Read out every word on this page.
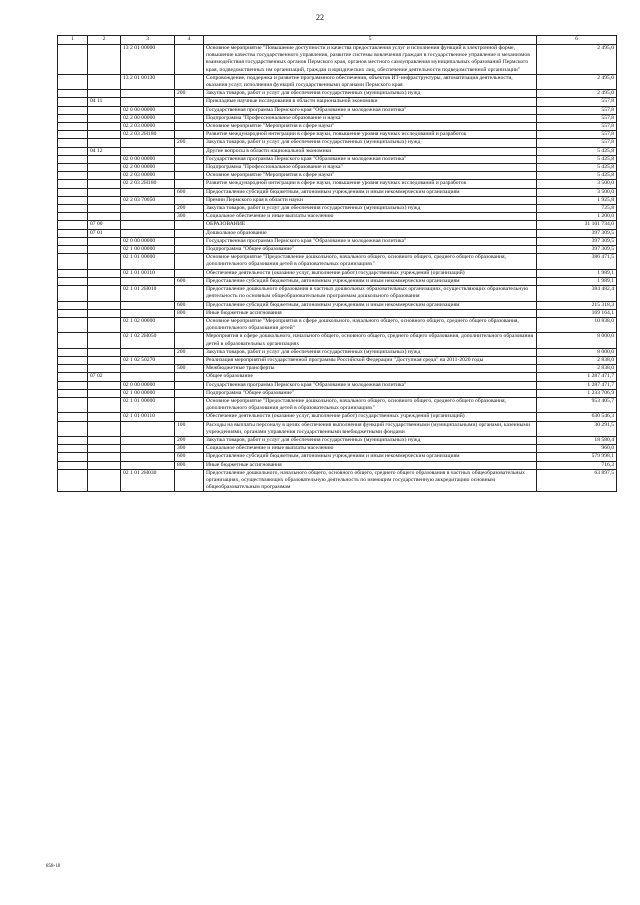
22
1	2	3	4	5	6
		13 2 01 00000		Основное мероприятие "Повышение доступности и качества предоставления услуг и исполнения функций в электронной форме, повышение качества государственного управления, развитие системы вовлечения граждан в государственное управление и механизмов взаимодействия государственных органов Пермского края, органов местного самоуправления муниципальных образований Пермского края, подведомственных им организаций, граждан и юридических лиц, обеспечение деятельности подведомственной организации"	2 495,0
		13 2 01 00130		Сопровождение, поддержка и развитие программного обеспечения, объектов ИТ-инфраструктуры, автоматизация деятельности, оказания услуг, исполнения функций государственными органами Пермского края	2 495,0
			200	Закупка товаров, работ и услуг для обеспечения государственных (муниципальных) нужд	2 495,0
	04 11			Прикладные научные исследования в области национальной экономики	557,8
		02 0 00 00000		Государственная программа Пермского края "Образование и молодежная политика"	557,8
		02 2 00 00000		Подпрограмма "Профессиональное образование и наука"	557,8
		02 2 03 00000		Основное мероприятие "Мероприятия в сфере науки"	557,8
		02 2 03 2Н180		Развитие международной интеграции в сфере науки, повышение уровня научных исследований и разработок	557,8
			200	Закупка товаров, работ и услуг для обеспечения государственных (муниципальных) нужд	557,8
	04 12			Другие вопросы в области национальной экономики	5 425,8
		02 0 00 00000		Государственная программа Пермского края "Образование и молодежная политика"	5 425,8
		02 2 00 00000		Подпрограмма "Профессиональное образование и наука"	5 425,8
		02 2 03 00000		Основное мероприятие "Мероприятия в сфере науки"	5 425,8
		02 2 03 2Н180		Развитие международной интеграции в сфере науки, повышение уровня научных исследований и разработок	3 500,0
			600	Предоставление субсидий бюджетным, автономным учреждениям и иным некоммерческим организациям	3 500,0
		02 2 03 70050		Премии Пермского края в области науки	1 925,8
			200	Закупка товаров, работ и услуг для обеспечения государственных (муниципальных) нужд	725,8
			300	Социальное обеспечение и иные выплаты населению	1 200,0
	07 00			ОБРАЗОВАНИЕ	31 101 734,0
	07 01			Дошкольное образование	397 309,5
		02 0 00 00000		Государственная программа Пермского края "Образование и молодежная политика"	397 309,5
		02 1 00 00000		Подпрограмма "Общее образование"	397 309,5
		02 1 01 00000		Основное мероприятие "Предоставление дошкольного, начального общего, основного общего, среднего общего образования, дополнительного образования детей в образовательных организациях"	386 471,5
		02 1 01 00110		Обеспечение деятельности (оказание услуг, выполнение работ) государственных учреждений (организаций)	1 989,1
			600	Предоставление субсидий бюджетным, автономным учреждениям и иным некоммерческим организациям	1 989,1
		02 1 01 2Н010		Предоставление дошкольного образования в частных дошкольных образовательных организациях, осуществляющих образовательную деятельность по основным общеобразовательным программам дошкольного образования	384 482,4
			600	Предоставление субсидий бюджетным, автономным учреждениям и иным некоммерческим организациям	215 318,3
			800	Иные бюджетные ассигнования	169 164,1
		02 1 02 00000		Основное мероприятие "Мероприятия в сфере дошкольного, начального общего, основного общего, среднего общего образования, дополнительного образования детей"	10 838,0
		02 1 02 2Н050		Мероприятия в сфере дошкольного, начального общего, основного общего, среднего общего образования, дополнительного образования детей в образовательных организациях	8 000,0
			200	Закупка товаров, работ и услуг для обеспечения государственных (муниципальных) нужд	8 000,0
		02 1 02 50270		Реализация мероприятий государственной программы Российской Федерации "Доступная среда" на 2011-2020 годы	2 838,0
			500	Межбюджетные трансферты	2 838,0
	07 02			Общее образование	1 287 471,7
		02 0 00 00000		Государственная программа Пермского края "Образование и молодежная политика"	1 287 471,7
		02 1 00 00000		Подпрограмма "Общее образование"	1 233 706,9
		02 1 01 00000		Основное мероприятие "Предоставление дошкольного, начального общего, основного общего, среднего общего образования, дополнительного образования детей в образовательных организациях"	953 405,7
		02 1 01 00110		Обеспечение деятельности (оказание услуг, выполнение работ) государственных учреждений (организаций)	630 546,3
			100	Расходы на выплаты персоналу в целях обеспечения выполнения функций государственными (муниципальными) органами, казенными учреждениями, органами управления государственными внебюджетными фондами	30 291,5
			200	Закупка товаров, работ и услуг для обеспечения государственных (муниципальных) нужд	18 580,4
			300	Социальное обеспечение и иные выплаты населению	960,0
			600	Предоставление субсидий бюджетным, автономным учреждениям и иным некоммерческим организациям	579 998,1
			800	Иные бюджетные ассигнования	716,3
		02 1 01 2Н030		Предоставление дошкольного, начального общего, основного общего, среднего общего образования в частных общеобразовательных организациях, осуществляющих образовательную деятельность по имеющим государственную аккредитацию основным общеобразовательным программам	63 897,5
858-18
